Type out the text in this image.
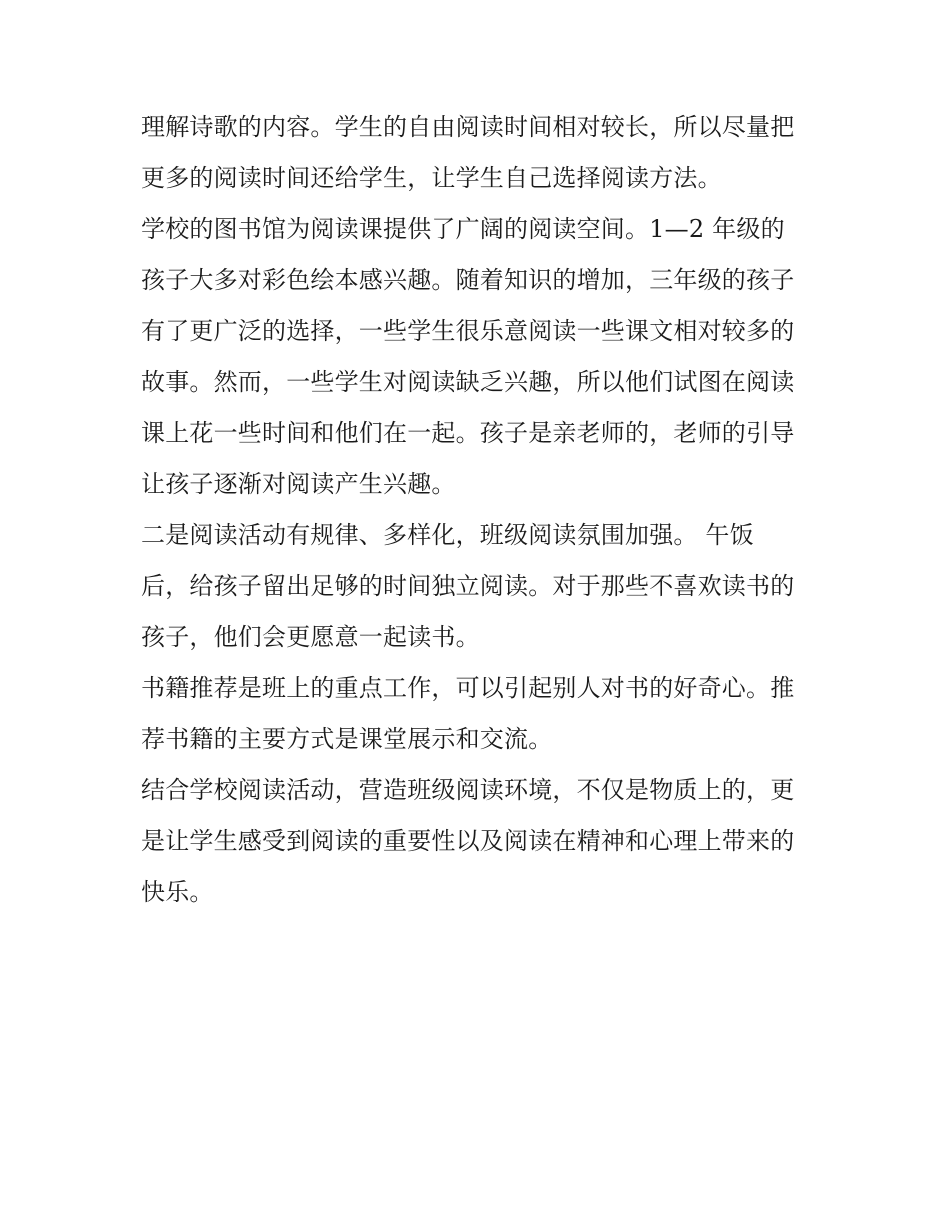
理解诗歌的内容。学生的自由阅读时间相对较长，所以尽量把
更多的阅读时间还给学生，让学生自己选择阅读方法。
学校的图书馆为阅读课提供了广阔的阅读空间。1—2 年级的
孩子大多对彩色绘本感兴趣。随着知识的增加，三年级的孩子
有了更广泛的选择，一些学生很乐意阅读一些课文相对较多的
故事。然而，一些学生对阅读缺乏兴趣，所以他们试图在阅读
课上花一些时间和他们在一起。孩子是亲老师的，老师的引导
让孩子逐渐对阅读产生兴趣。
二是阅读活动有规律、多样化，班级阅读氛围加强。 午饭
后，给孩子留出足够的时间独立阅读。对于那些不喜欢读书的
孩子，他们会更愿意一起读书。
书籍推荐是班上的重点工作，可以引起别人对书的好奇心。推
荐书籍的主要方式是课堂展示和交流。
结合学校阅读活动，营造班级阅读环境，不仅是物质上的，更
是让学生感受到阅读的重要性以及阅读在精神和心理上带来的
快乐。
